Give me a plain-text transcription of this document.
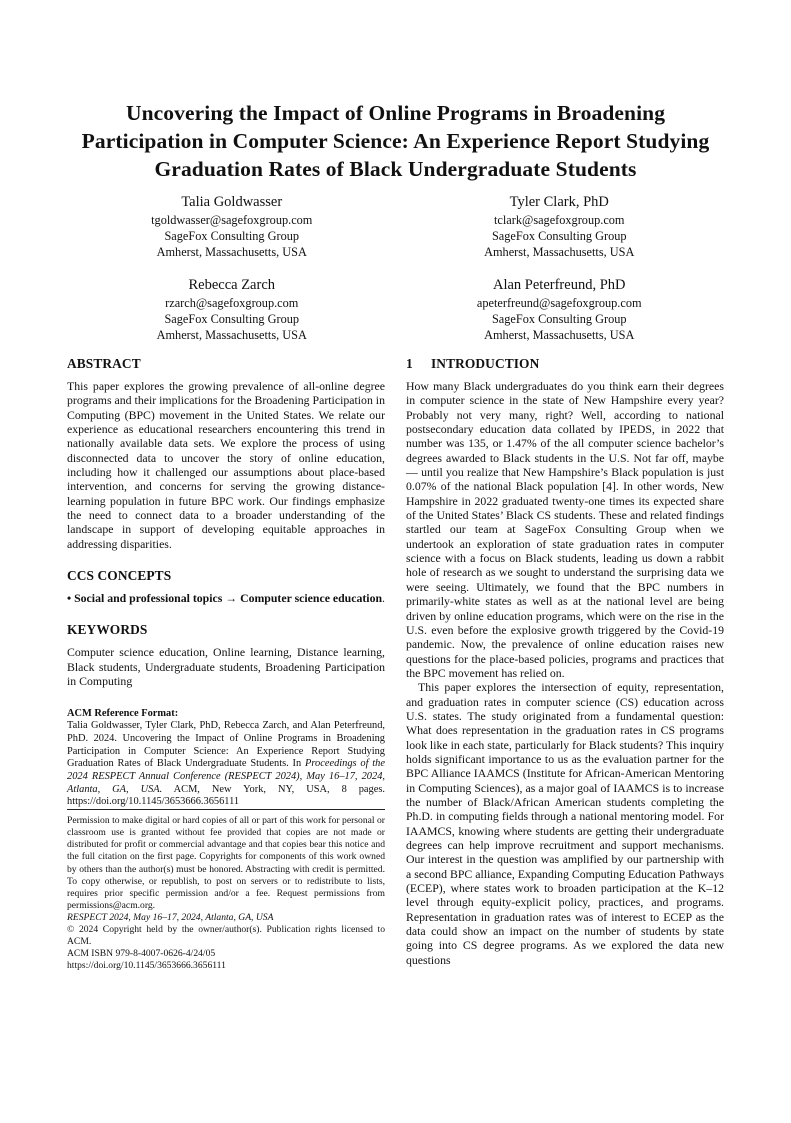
Uncovering the Impact of Online Programs in Broadening Participation in Computer Science: An Experience Report Studying Graduation Rates of Black Undergraduate Students
Talia Goldwasser
tgoldwasser@sagefoxgroup.com
SageFox Consulting Group
Amherst, Massachusetts, USA
Tyler Clark, PhD
tclark@sagefoxgroup.com
SageFox Consulting Group
Amherst, Massachusetts, USA
Rebecca Zarch
rzarch@sagefoxgroup.com
SageFox Consulting Group
Amherst, Massachusetts, USA
Alan Peterfreund, PhD
apeterfreund@sagefoxgroup.com
SageFox Consulting Group
Amherst, Massachusetts, USA
ABSTRACT

This paper explores the growing prevalence of all-online degree programs and their implications for the Broadening Participation in Computing (BPC) movement in the United States. We relate our experience as educational researchers encountering this trend in nationally available data sets. We explore the process of using disconnected data to uncover the story of online education, including how it challenged our assumptions about place-based intervention, and concerns for serving the growing distance-learning population in future BPC work. Our findings emphasize the need to connect data to a broader understanding of the landscape in support of developing equitable approaches in addressing disparities.

CCS CONCEPTS

• Social and professional topics → Computer science education.

KEYWORDS

Computer science education, Online learning, Distance learning, Black students, Undergraduate students, Broadening Participation in Computing

ACM Reference Format:

Talia Goldwasser, Tyler Clark, PhD, Rebecca Zarch, and Alan Peterfreund, PhD. 2024. Uncovering the Impact of Online Programs in Broadening Participation in Computer Science: An Experience Report Studying Graduation Rates of Black Undergraduate Students. In Proceedings of the 2024 RESPECT Annual Conference (RESPECT 2024), May 16–17, 2024, Atlanta, GA, USA. ACM, New York, NY, USA, 8 pages. https://doi.org/10.1145/3653666.3656111

Permission to make digital or hard copies of all or part of this work for personal or classroom use is granted without fee provided that copies are not made or distributed for profit or commercial advantage and that copies bear this notice and the full citation on the first page. Copyrights for components of this work owned by others than the author(s) must be honored. Abstracting with credit is permitted. To copy otherwise, or republish, to post on servers or to redistribute to lists, requires prior specific permission and/or a fee. Request permissions from permissions@acm.org.

RESPECT 2024, May 16–17, 2024, Atlanta, GA, USA

© 2024 Copyright held by the owner/author(s). Publication rights licensed to ACM.

ACM ISBN 979-8-4007-0626-4/24/05

https://doi.org/10.1145/3653666.3656111

1 INTRODUCTION

How many Black undergraduates do you think earn their degrees in computer science in the state of New Hampshire every year? Probably not very many, right? Well, according to national postsecondary education data collated by IPEDS, in 2022 that number was 135, or 1.47% of the all computer science bachelor’s degrees awarded to Black students in the U.S. Not far off, maybe — until you realize that New Hampshire’s Black population is just 0.07% of the national Black population [4]. In other words, New Hampshire in 2022 graduated twenty-one times its expected share of the United States’ Black CS students. These and related findings startled our team at SageFox Consulting Group when we undertook an exploration of state graduation rates in computer science with a focus on Black students, leading us down a rabbit hole of research as we sought to understand the surprising data we were seeing. Ultimately, we found that the BPC numbers in primarily-white states as well as at the national level are being driven by online education programs, which were on the rise in the U.S. even before the explosive growth triggered by the Covid-19 pandemic. Now, the prevalence of online education raises new questions for the place-based policies, programs and practices that the BPC movement has relied on.

This paper explores the intersection of equity, representation, and graduation rates in computer science (CS) education across U.S. states. The study originated from a fundamental question: What does representation in the graduation rates in CS programs look like in each state, particularly for Black students? This inquiry holds significant importance to us as the evaluation partner for the BPC Alliance IAAMCS (Institute for African-American Mentoring in Computing Sciences), as a major goal of IAAMCS is to increase the number of Black/African American students completing the Ph.D. in computing fields through a national mentoring model. For IAAMCS, knowing where students are getting their undergraduate degrees can help improve recruitment and support mechanisms. Our interest in the question was amplified by our partnership with a second BPC alliance, Expanding Computing Education Pathways (ECEP), where states work to broaden participation at the K–12 level through equity-explicit policy, practices, and programs. Representation in graduation rates was of interest to ECEP as the data could show an impact on the number of students by state going into CS degree programs. As we explored the data new questions
